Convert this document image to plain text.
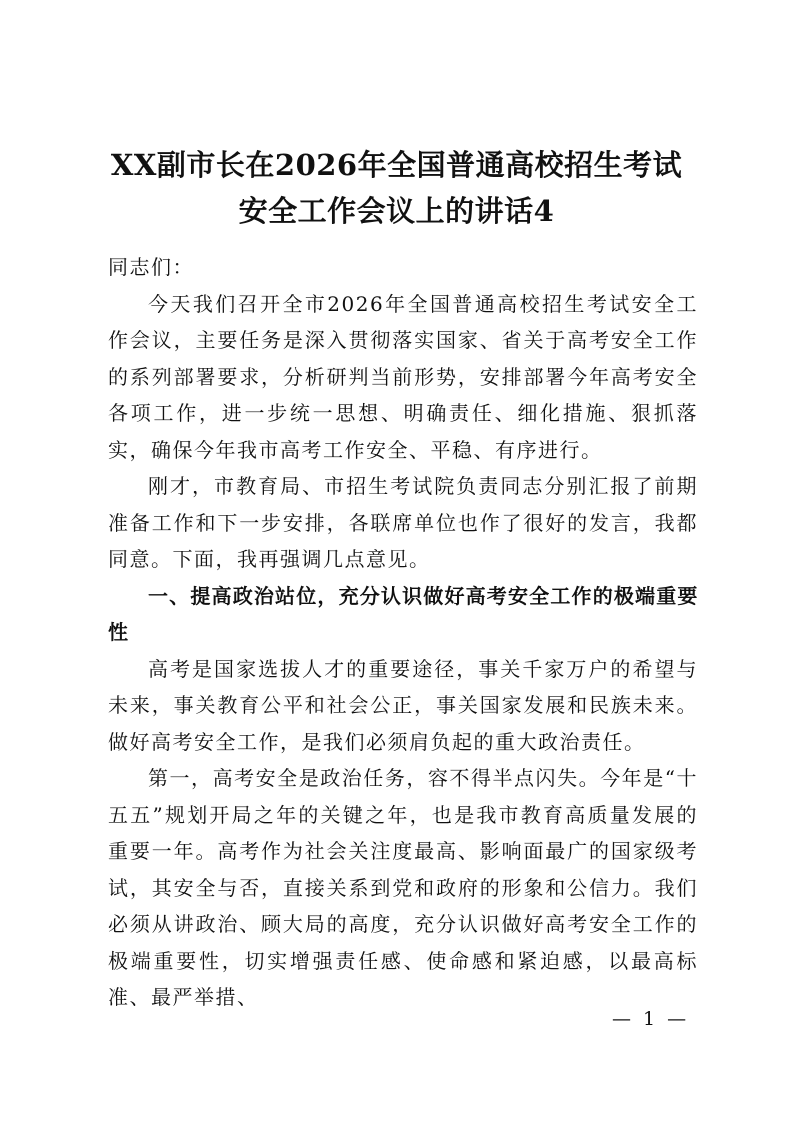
XX副市长在2026年全国普通高校招生考试安全工作会议上的讲话4

同志们：

今天我们召开全市2026年全国普通高校招生考试安全工作会议，主要任务是深入贯彻落实国家、省关于高考安全工作的系列部署要求，分析研判当前形势，安排部署今年高考安全各项工作，进一步统一思想、明确责任、细化措施、狠抓落实，确保今年我市高考工作安全、平稳、有序进行。

刚才，市教育局、市招生考试院负责同志分别汇报了前期准备工作和下一步安排，各联席单位也作了很好的发言，我都同意。下面，我再强调几点意见。

一、提高政治站位，充分认识做好高考安全工作的极端重要性

高考是国家选拔人才的重要途径，事关千家万户的希望与未来，事关教育公平和社会公正，事关国家发展和民族未来。做好高考安全工作，是我们必须肩负起的重大政治责任。

第一，高考安全是政治任务，容不得半点闪失。今年是“十五五”规划开局之年的关键之年，也是我市教育高质量发展的重要一年。高考作为社会关注度最高、影响面最广的国家级考试，其安全与否，直接关系到党和政府的形象和公信力。我们必须从讲政治、顾大局的高度，充分认识做好高考安全工作的极端重要性，切实增强责任感、使命感和紧迫感，以最高标准、最严举措、

— 1 —
